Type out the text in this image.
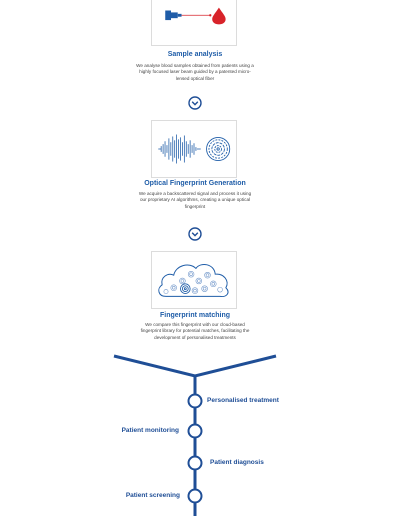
Sample analysis

We analyse blood samples obtained from patients using a highly focused laser beam guided by a patented micro-lensed optical fiber

Optical Fingerprint Generation

We acquire a backscattered signal and process it using our proprietary AI algorithms, creating a unique optical fingerprint

Fingerprint matching

We compare this fingerprint with our cloud-based fingerprint library for potential matches, facilitating the development of personalised treatments

Personalised treatment
Patient monitoring
Patient diagnosis
Patient screening
